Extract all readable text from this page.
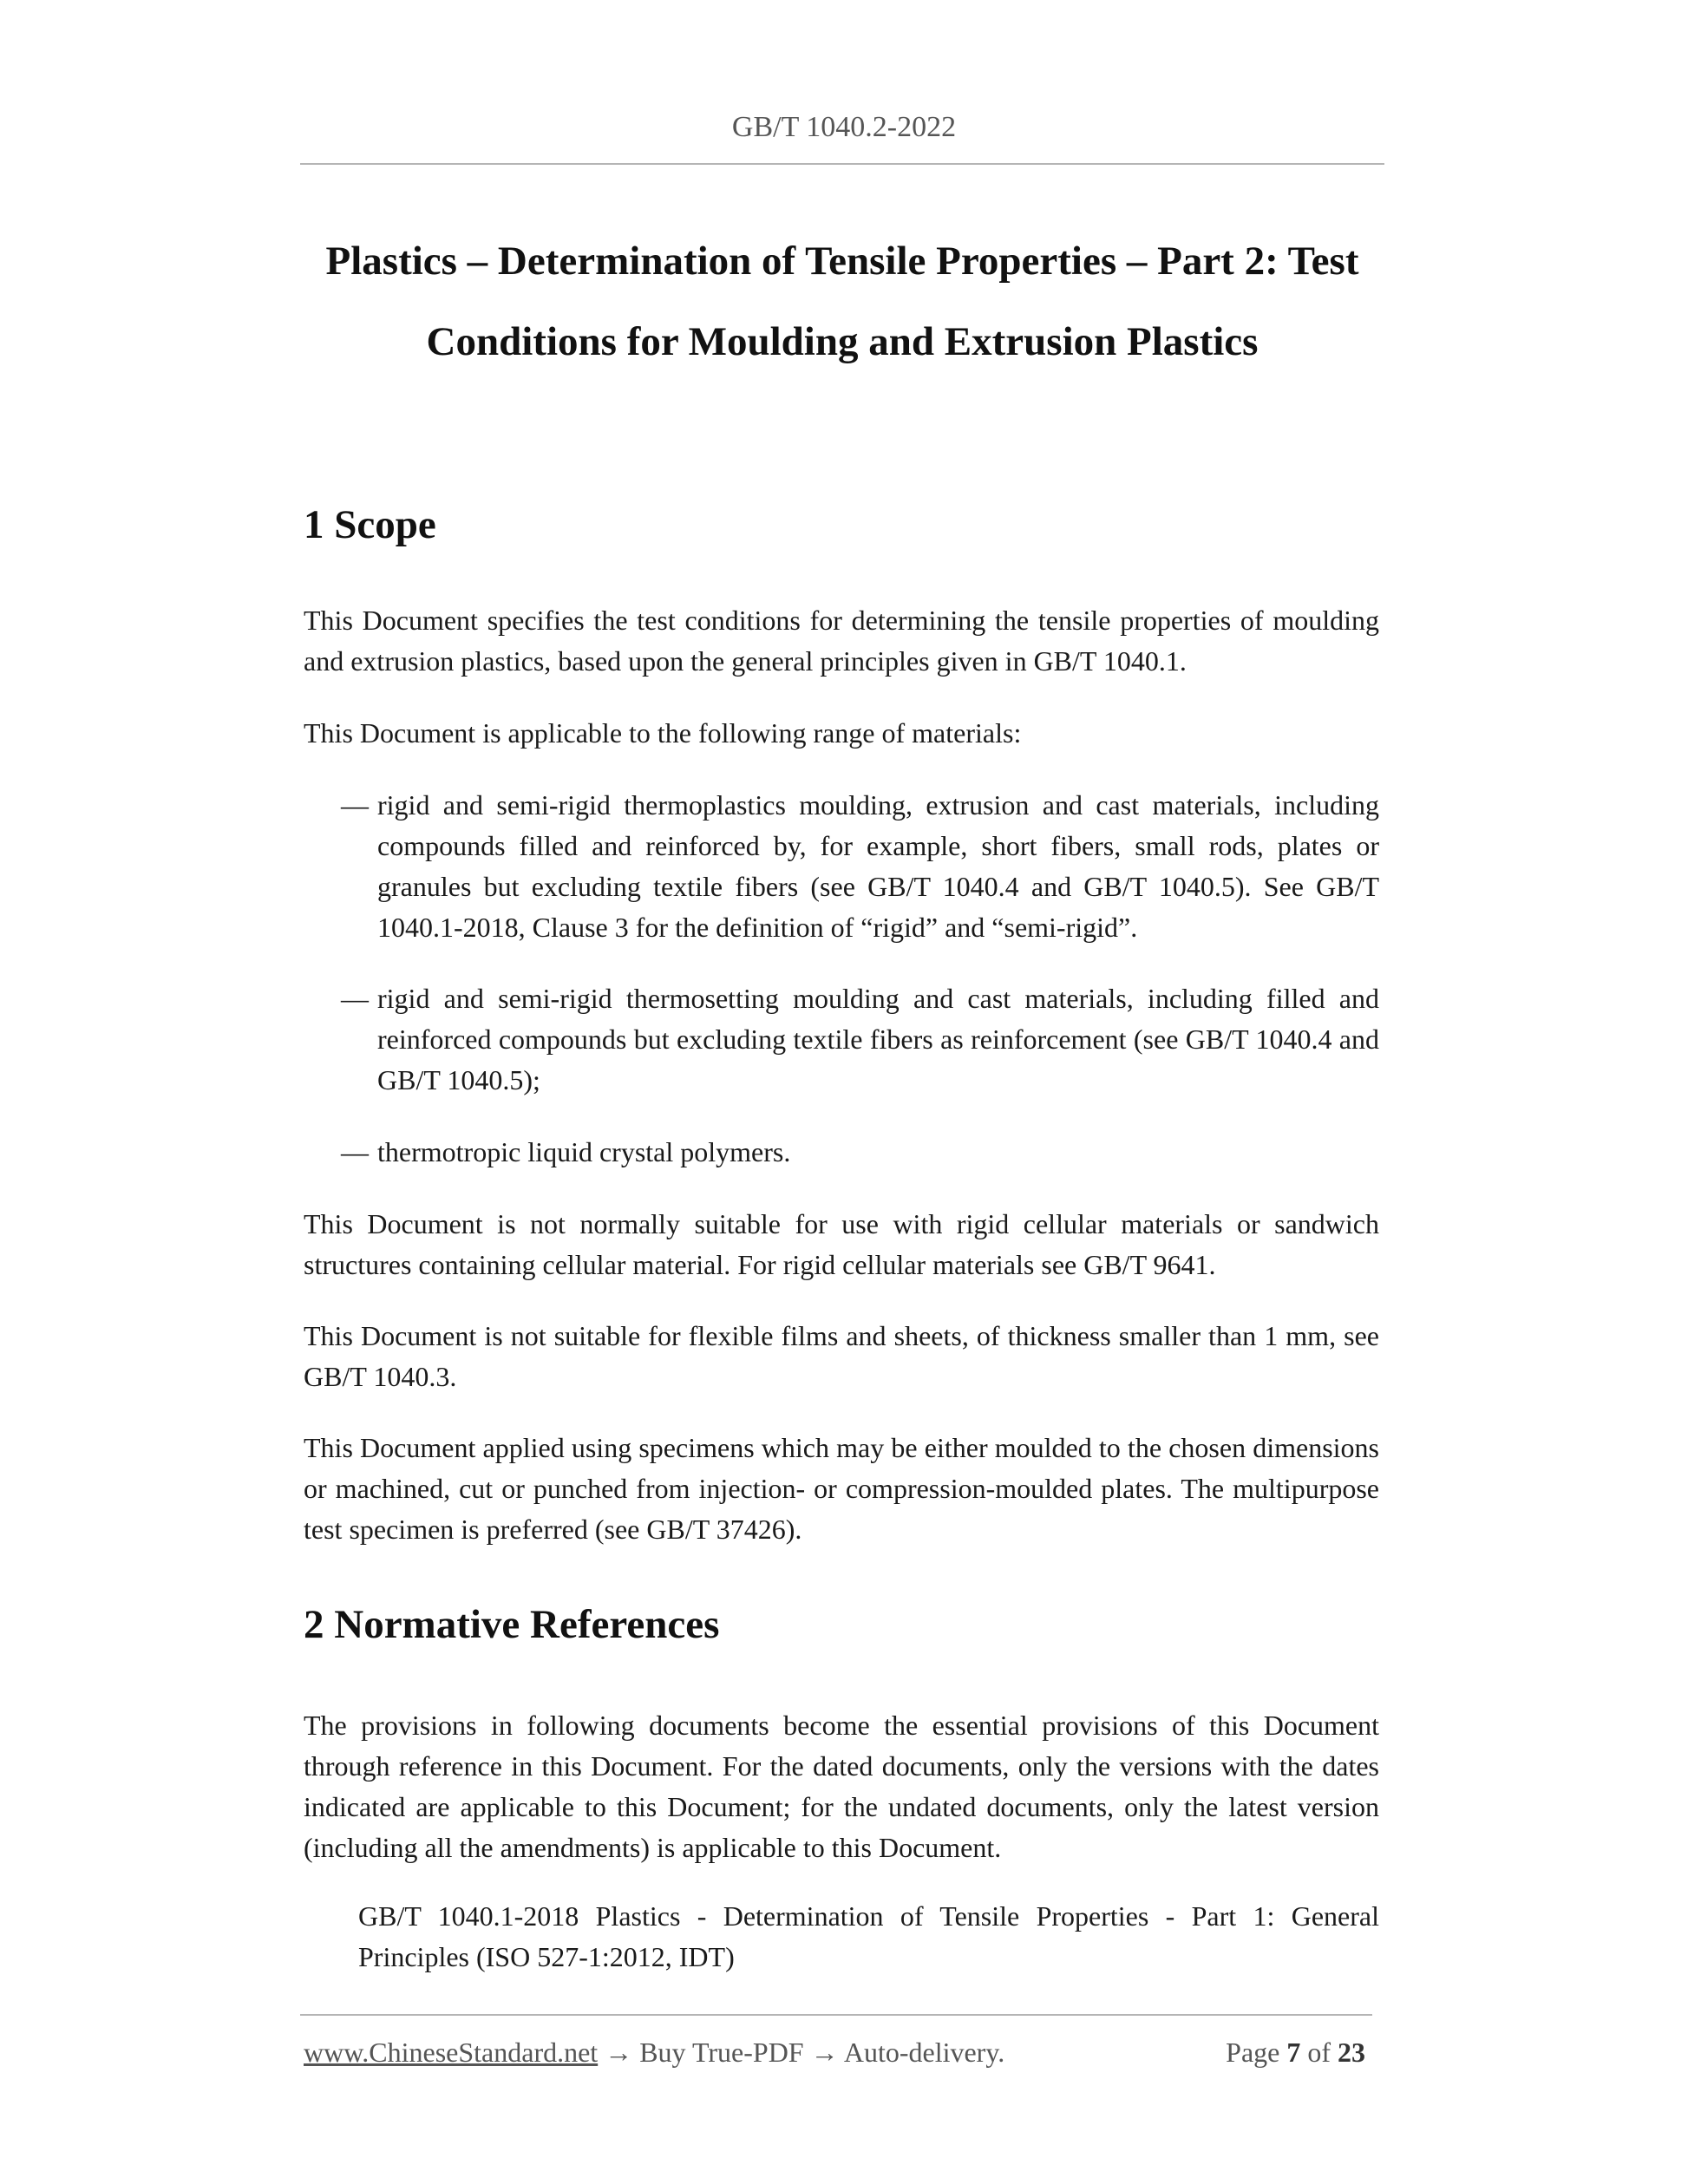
GB/T 1040.2-2022
Plastics – Determination of Tensile Properties – Part 2: Test
Conditions for Moulding and Extrusion Plastics
1 Scope
This Document specifies the test conditions for determining the tensile properties of moulding and extrusion plastics, based upon the general principles given in GB/T 1040.1.
This Document is applicable to the following range of materials:
— rigid and semi-rigid thermoplastics moulding, extrusion and cast materials, including compounds filled and reinforced by, for example, short fibers, small rods, plates or granules but excluding textile fibers (see GB/T 1040.4 and GB/T 1040.5). See GB/T 1040.1-2018, Clause 3 for the definition of “rigid” and “semi-rigid”.
— rigid and semi-rigid thermosetting moulding and cast materials, including filled and reinforced compounds but excluding textile fibers as reinforcement (see GB/T 1040.4 and GB/T 1040.5);
— thermotropic liquid crystal polymers.
This Document is not normally suitable for use with rigid cellular materials or sandwich structures containing cellular material. For rigid cellular materials see GB/T 9641.
This Document is not suitable for flexible films and sheets, of thickness smaller than 1 mm, see GB/T 1040.3.
This Document applied using specimens which may be either moulded to the chosen dimensions or machined, cut or punched from injection‐ or compression‐moulded plates. The multipurpose test specimen is preferred (see GB/T 37426).
2 Normative References
The provisions in following documents become the essential provisions of this Document through reference in this Document. For the dated documents, only the versions with the dates indicated are applicable to this Document; for the undated documents, only the latest version (including all the amendments) is applicable to this Document.
GB/T 1040.1-2018 Plastics - Determination of Tensile Properties - Part 1: General Principles (ISO 527-1:2012, IDT)
www.ChineseStandard.net → Buy True-PDF → Auto-delivery.	Page 7 of 23
